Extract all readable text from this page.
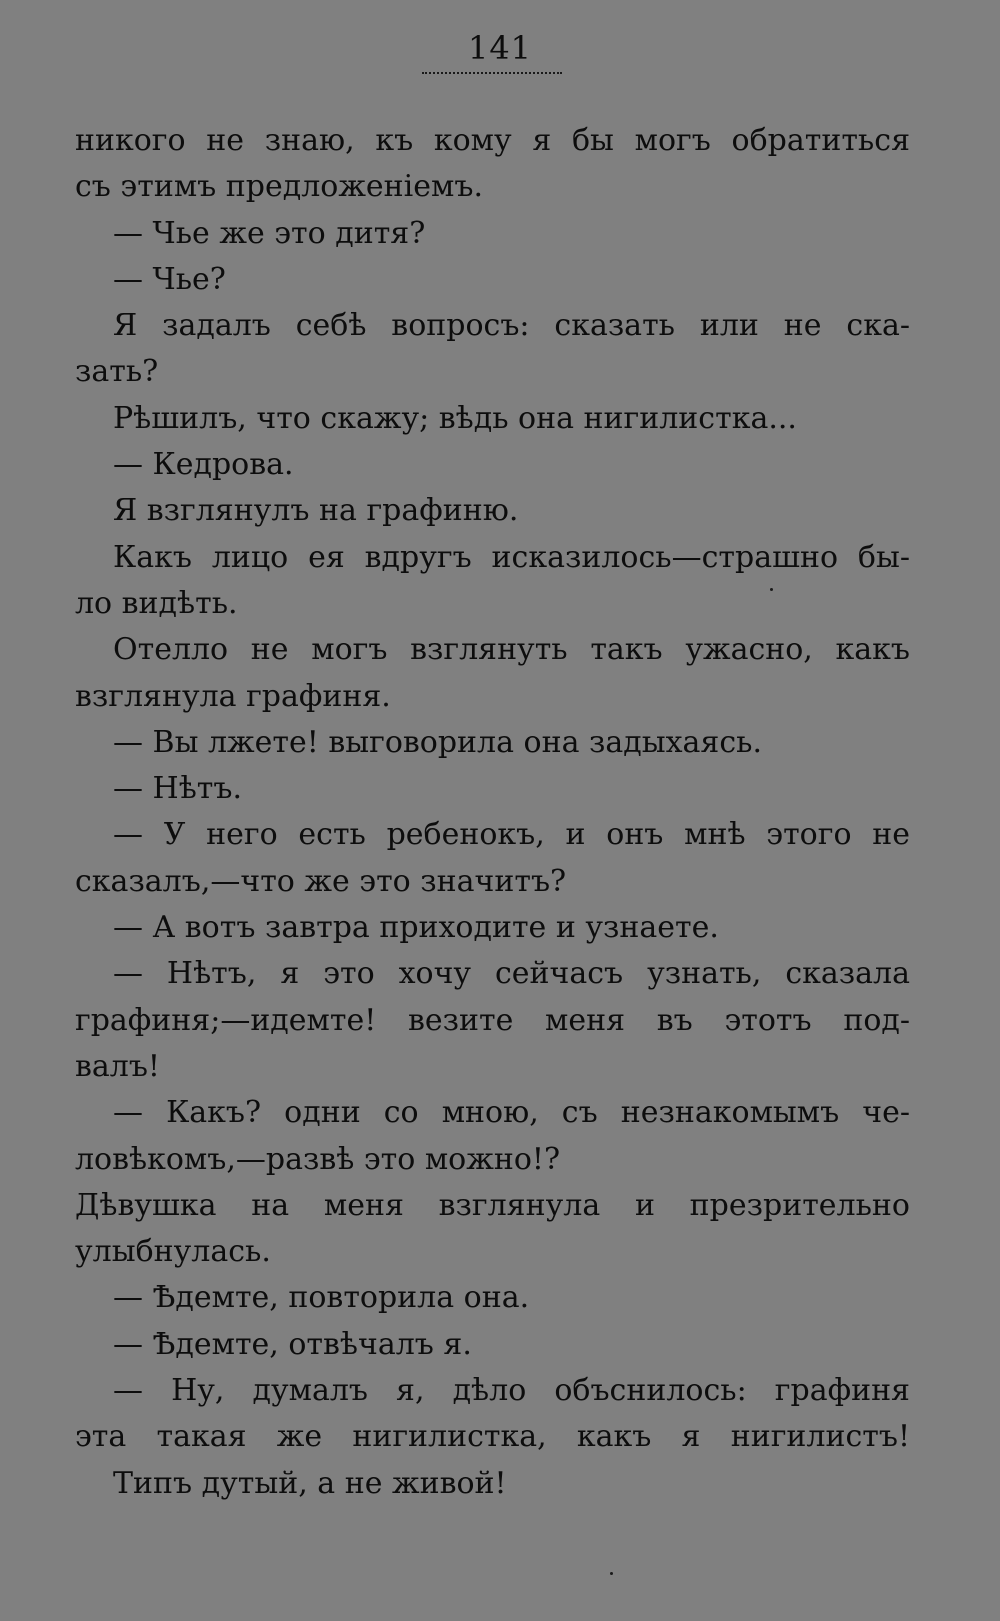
141
никого не знаю, къ кому я бы могъ обратиться
съ этимъ предложеніемъ.
— Чье же это дитя?
— Чье?
Я задалъ себѣ вопросъ: сказать или не ска-
зать?
Рѣшилъ, что скажу; вѣдь она нигилистка...
— Кедрова.
Я взглянулъ на графиню.
Какъ лицо ея вдругъ исказилось—страшно бы-
ло видѣть.
Отелло не могъ взглянуть такъ ужасно, какъ
взглянула графиня.
— Вы лжете! выговорила она задыхаясь.
— Нѣтъ.
— У него есть ребенокъ, и онъ мнѣ этого не
сказалъ,—что же это значитъ?
— А вотъ завтра приходите и узнаете.
— Нѣтъ, я это хочу сейчасъ узнать, сказала
графиня;—идемте! везите меня въ этотъ под-
валъ!
— Какъ? одни со мною, съ незнакомымъ че-
ловѣкомъ,—развѣ это можно!?
Дѣвушка на меня взглянула и презрительно
улыбнулась.
— Ѣдемте, повторила она.
— Ѣдемте, отвѣчалъ я.
— Ну, думалъ я, дѣло объснилось: графиня
эта такая же нигилистка, какъ я нигилистъ!
Типъ дутый, а не живой!
